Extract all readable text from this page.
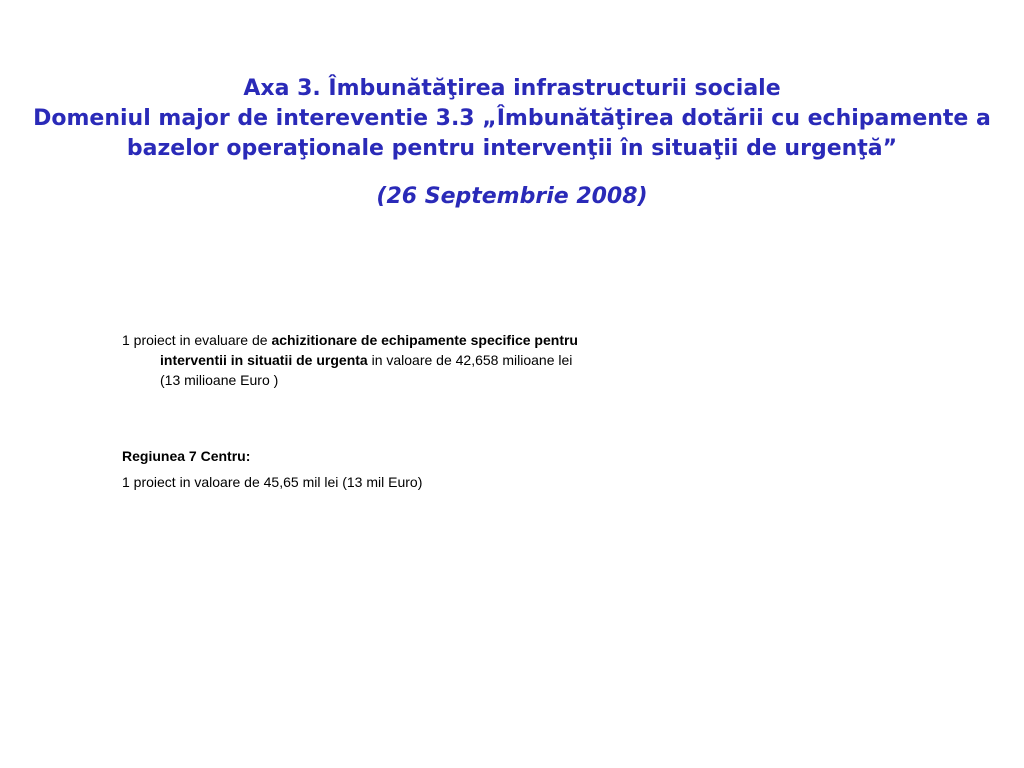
Axa 3. Îmbunătăţirea infrastructurii sociale
Domeniul major de intereventie 3.3 „Îmbunătăţirea dotării cu echipamente a
bazelor operaţionale pentru intervenţii în situaţii de urgenţă”
(26 Septembrie 2008)

1 proiect in evaluare de achizitionare de echipamente specifice pentru interventii in situatii de urgenta in valoare de 42,658 milioane lei (13 milioane Euro )

Regiunea 7 Centru:

1 proiect in valoare de 45,65 mil lei (13 mil Euro)
